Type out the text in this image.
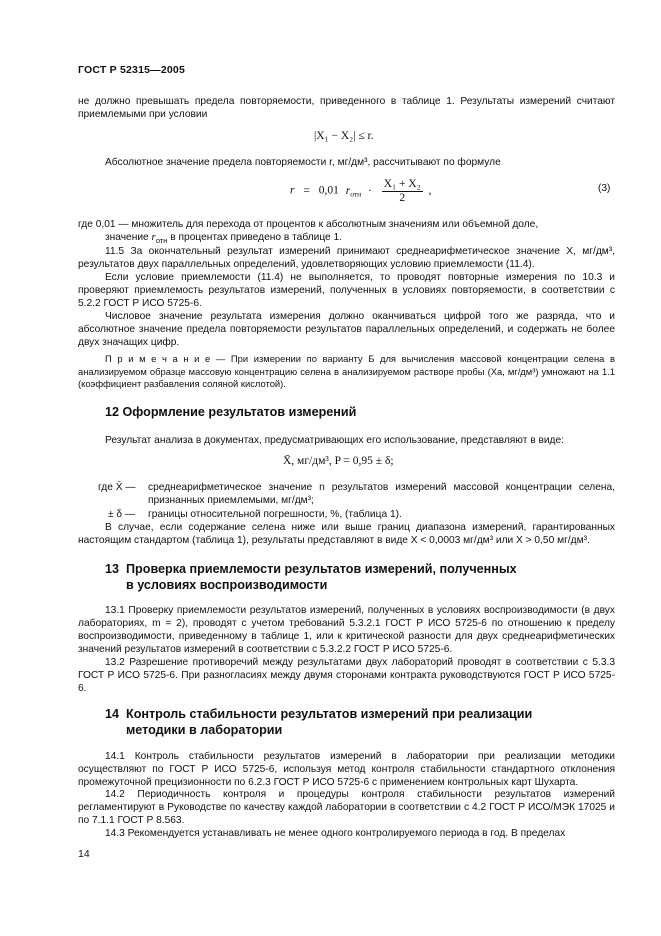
ГОСТ Р 52315—2005
не должно превышать предела повторяемости, приведенного в таблице 1. Результаты измерений считают приемлемыми при условии
|X₁ − X₂| ≤ r.
Абсолютное значение предела повторяемости r, мг/дм³, рассчитывают по формуле
r = 0,01 $r_{отн} \cdot \frac{\text{X₁ + X₂}}{2}$ ,	(3)
где 0,01 — множитель для перехода от процентов к абсолютным значениям или объемной доле,
значение $r_{отн}$ в процентах приведено в таблице 1.
11.5 За окончательный результат измерений принимают среднеарифметическое значение X, мг/дм³, результатов двух параллельных определений, удовлетворяющих условию приемлемости (11.4).
Если условие приемлемости (11.4) не выполняется, то проводят повторные измерения по 10.3 и проверяют приемлемость результатов измерений, полученных в условиях повторяемости, в соответствии с 5.2.2 ГОСТ Р ИСО 5725-6.
Числовое значение результата измерения должно оканчиваться цифрой того же разряда, что и абсолютное значение предела повторяемости результатов параллельных определений, и содержать не более двух значащих цифр.
П р и м е ч а н и е — При измерении по варианту Б для вычисления массовой концентрации селена в анализируемом образце массовую концентрацию селена в анализируемом растворе пробы (Xа, мг/дм³) умножают на 1.1 (коэффициент разбавления соляной кислотой).
12 Оформление результатов измерений
Результат анализа в документах, предусматривающих его использование, представляют в виде:
X̄, мг/дм³, P = 0,95 ± δ;
где X̄ —	среднеарифметическое значение n результатов измерений массовой концентрации селена, признанных приемлемыми, мг/дм³;
± δ —	границы относительной погрешности, %, (таблица 1).
В случае, если содержание селена ниже или выше границ диапазона измерений, гарантированных настоящим стандартом (таблица 1), результаты представляют в виде X < 0,0003 мг/дм³ или X > 0,50 мг/дм³.
13  Проверка приемлемости результатов измерений, полученных
в условиях воспроизводимости
13.1 Проверку приемлемости результатов измерений, полученных в условиях воспроизводимости (в двух лабораториях, m = 2), проводят с учетом требований 5.3.2.1 ГОСТ Р ИСО 5725-6 по отношению к пределу воспроизводимости, приведенному в таблице 1, или к критической разности для двух среднеарифметических значений результатов измерений в соответствии с 5.3.2.2 ГОСТ Р ИСО 5725-6.
13.2 Разрешение противоречий между результатами двух лабораторий проводят в соответствии с 5.3.3 ГОСТ Р ИСО 5725-6. При разногласиях между двумя сторонами контракта руководствуются ГОСТ Р ИСО 5725-6.
14  Контроль стабильности результатов измерений при реализации
методики в лаборатории
14.1 Контроль стабильности результатов измерений в лаборатории при реализации методики осуществляют по ГОСТ Р ИСО 5725-6, используя метод контроля стабильности стандартного отклонения промежуточной прецизионности по 6.2.3 ГОСТ Р ИСО 5725-6 с применением контрольных карт Шухарта.
14.2 Периодичность контроля и процедуры контроля стабильности результатов измерений регламентируют в Руководстве по качеству каждой лаборатории в соответствии с 4.2 ГОСТ Р ИСО/МЭК 17025 и по 7.1.1 ГОСТ Р 8.563.
14.3 Рекомендуется устанавливать не менее одного контролируемого периода в год. В пределах
14
